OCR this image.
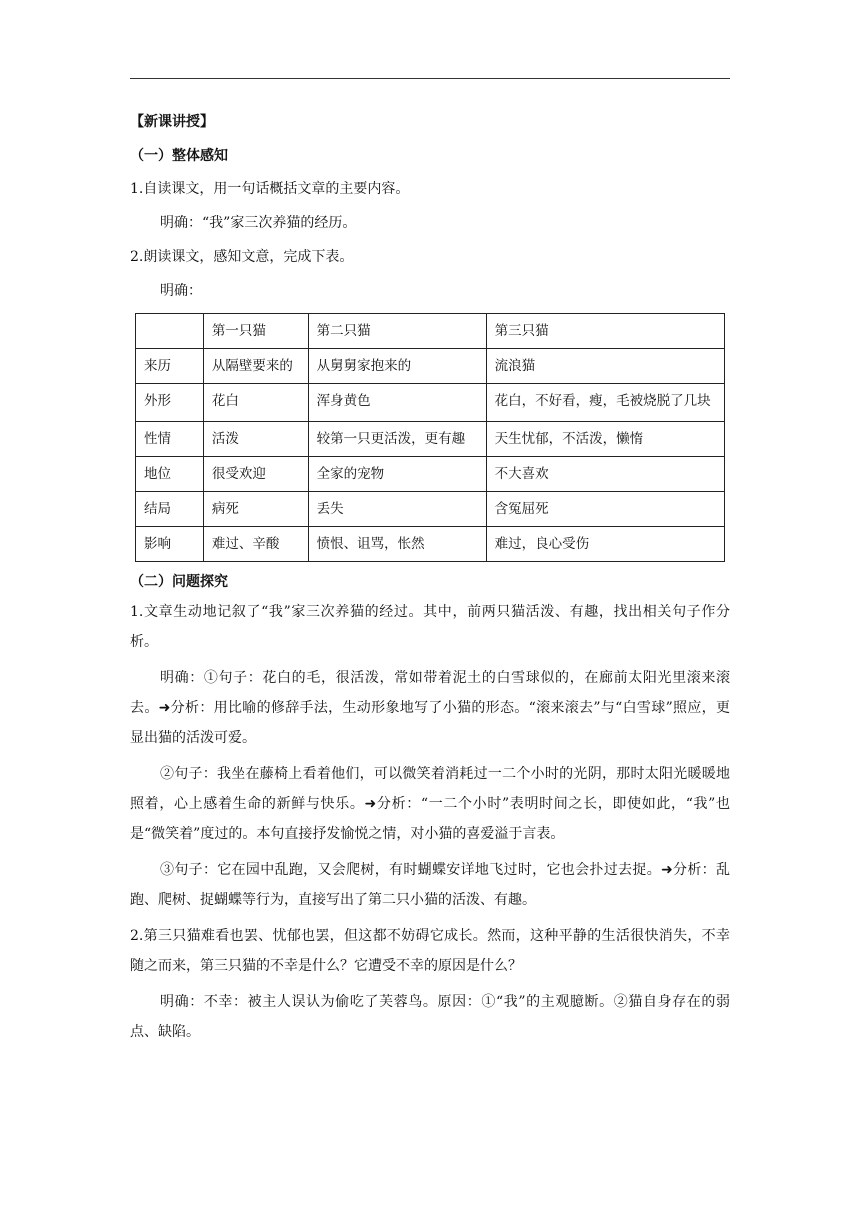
【新课讲授】

（一）整体感知

1.自读课文，用一句话概括文章的主要内容。

明确：“我”家三次养猫的经历。

2.朗读课文，感知文意，完成下表。

明确：

	第一只猫	第二只猫	第三只猫
来历	从隔壁要来的	从舅舅家抱来的	流浪猫
外形	花白	浑身黄色	花白，不好看，瘦，毛被烧脱了几块
性情	活泼	较第一只更活泼，更有趣	天生忧郁，不活泼，懒惰
地位	很受欢迎	全家的宠物	不大喜欢
结局	病死	丢失	含冤屈死
影响	难过、辛酸	愤恨、诅骂，怅然	难过，良心受伤

（二）问题探究

1.文章生动地记叙了“我”家三次养猫的经过。其中，前两只猫活泼、有趣，找出相关句子作分析。

明确：①句子：花白的毛，很活泼，常如带着泥土的白雪球似的，在廊前太阳光里滚来滚去。➜分析：用比喻的修辞手法，生动形象地写了小猫的形态。“滚来滚去”与“白雪球”照应，更显出猫的活泼可爱。

②句子：我坐在藤椅上看着他们，可以微笑着消耗过一二个小时的光阴，那时太阳光暖暖地照着，心上感着生命的新鲜与快乐。➜分析：“一二个小时”表明时间之长，即使如此，“我”也是“微笑着”度过的。本句直接抒发愉悦之情，对小猫的喜爱溢于言表。

③句子：它在园中乱跑，又会爬树，有时蝴蝶安详地飞过时，它也会扑过去捉。➜分析：乱跑、爬树、捉蝴蝶等行为，直接写出了第二只小猫的活泼、有趣。

2.第三只猫难看也罢、忧郁也罢，但这都不妨碍它成长。然而，这种平静的生活很快消失，不幸随之而来，第三只猫的不幸是什么？它遭受不幸的原因是什么？

明确：不幸：被主人误认为偷吃了芙蓉鸟。原因：①“我”的主观臆断。②猫自身存在的弱点、缺陷。
